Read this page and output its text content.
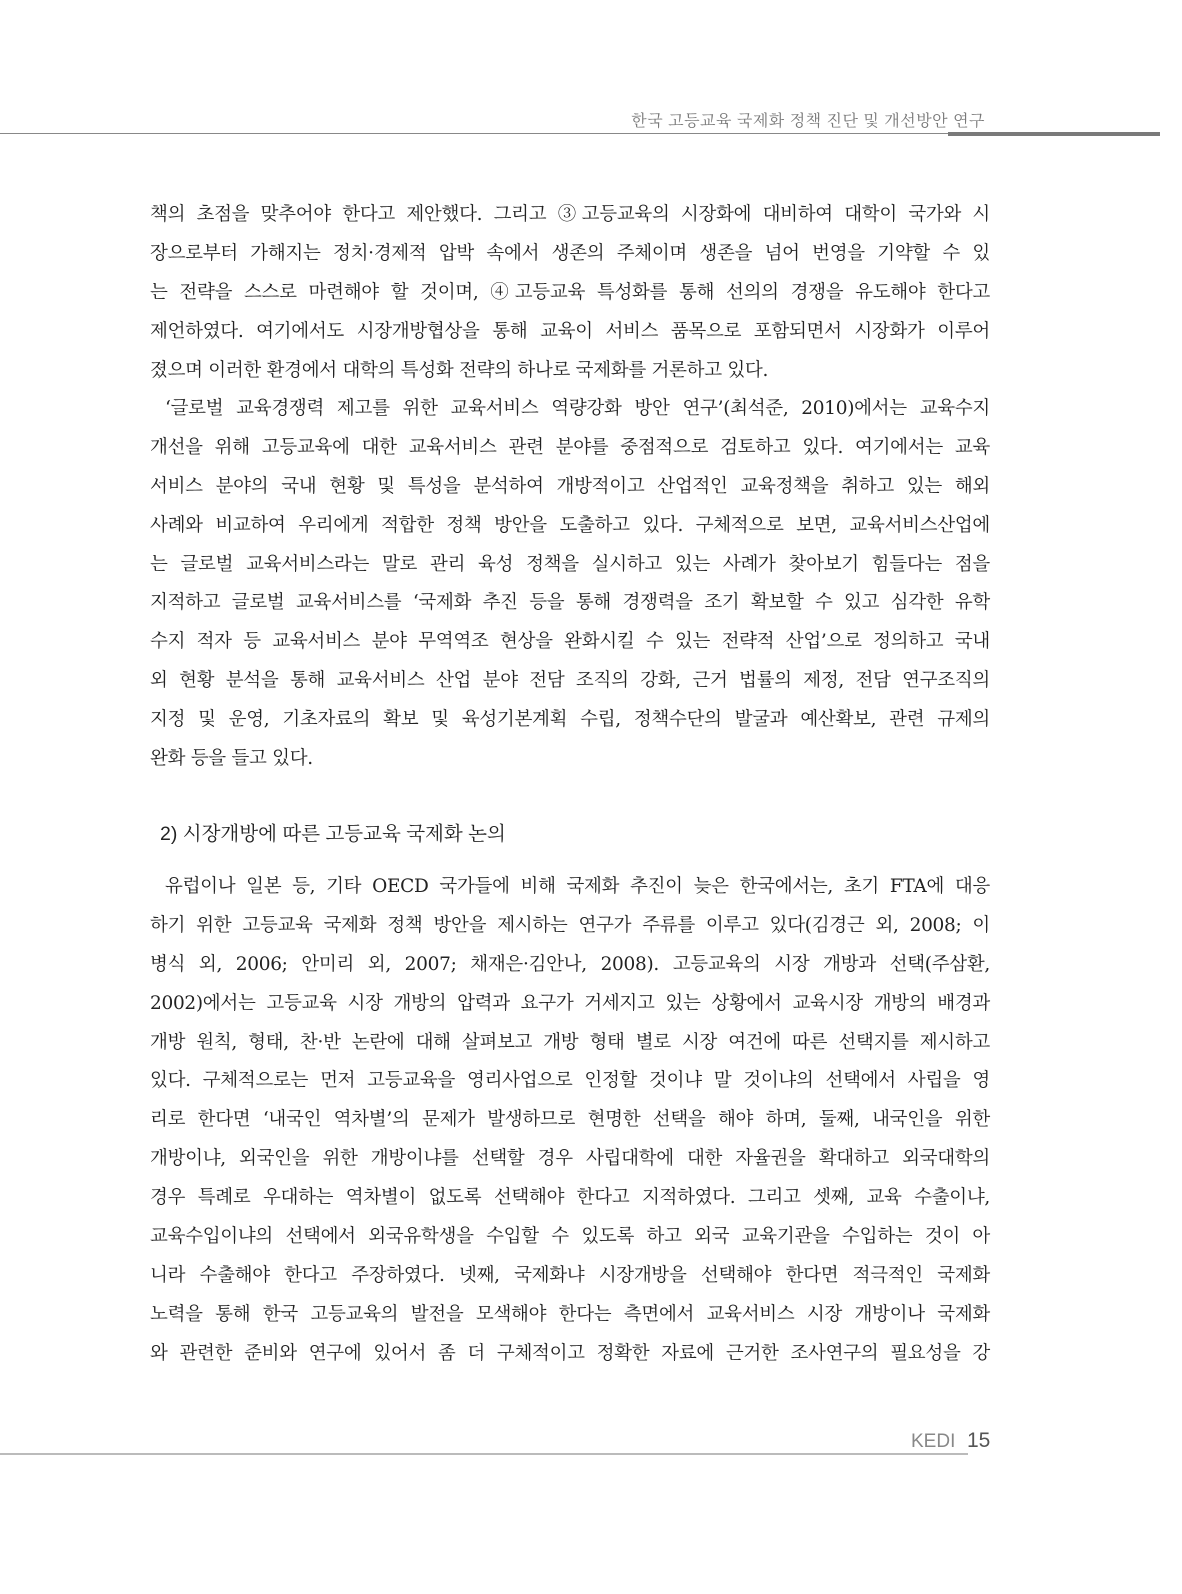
한국 고등교육 국제화 정책 진단 및 개선방안 연구
책의 초점을 맞추어야 한다고 제안했다. 그리고 ③고등교육의 시장화에 대비하여 대학이 국가와 시
장으로부터 가해지는 정치·경제적 압박 속에서 생존의 주체이며 생존을 넘어 번영을 기약할 수 있
는 전략을 스스로 마련해야 할 것이며, ④고등교육 특성화를 통해 선의의 경쟁을 유도해야 한다고
제언하였다. 여기에서도 시장개방협상을 통해 교육이 서비스 품목으로 포함되면서 시장화가 이루어
졌으며 이러한 환경에서 대학의 특성화 전략의 하나로 국제화를 거론하고 있다.
‘글로벌 교육경쟁력 제고를 위한 교육서비스 역량강화 방안 연구’(최석준, 2010)에서는 교육수지
개선을 위해 고등교육에 대한 교육서비스 관련 분야를 중점적으로 검토하고 있다. 여기에서는 교육
서비스 분야의 국내 현황 및 특성을 분석하여 개방적이고 산업적인 교육정책을 취하고 있는 해외
사례와 비교하여 우리에게 적합한 정책 방안을 도출하고 있다. 구체적으로 보면, 교육서비스산업에
는 글로벌 교육서비스라는 말로 관리 육성 정책을 실시하고 있는 사례가 찾아보기 힘들다는 점을
지적하고 글로벌 교육서비스를 ‘국제화 추진 등을 통해 경쟁력을 조기 확보할 수 있고 심각한 유학
수지 적자 등 교육서비스 분야 무역역조 현상을 완화시킬 수 있는 전략적 산업’으로 정의하고 국내
외 현황 분석을 통해 교육서비스 산업 분야 전담 조직의 강화, 근거 법률의 제정, 전담 연구조직의
지정 및 운영, 기초자료의 확보 및 육성기본계획 수립, 정책수단의 발굴과 예산확보, 관련 규제의
완화 등을 들고 있다.
2) 시장개방에 따른 고등교육 국제화 논의
유럽이나 일본 등, 기타 OECD 국가들에 비해 국제화 추진이 늦은 한국에서는, 초기 FTA에 대응
하기 위한 고등교육 국제화 정책 방안을 제시하는 연구가 주류를 이루고 있다(김경근 외, 2008; 이
병식 외, 2006; 안미리 외, 2007; 채재은·김안나, 2008). 고등교육의 시장 개방과 선택(주삼환,
2002)에서는 고등교육 시장 개방의 압력과 요구가 거세지고 있는 상황에서 교육시장 개방의 배경과
개방 원칙, 형태, 찬·반 논란에 대해 살펴보고 개방 형태 별로 시장 여건에 따른 선택지를 제시하고
있다. 구체적으로는 먼저 고등교육을 영리사업으로 인정할 것이냐 말 것이냐의 선택에서 사립을 영
리로 한다면 ‘내국인 역차별’의 문제가 발생하므로 현명한 선택을 해야 하며, 둘째, 내국인을 위한
개방이냐, 외국인을 위한 개방이냐를 선택할 경우 사립대학에 대한 자율권을 확대하고 외국대학의
경우 특례로 우대하는 역차별이 없도록 선택해야 한다고 지적하였다. 그리고 셋째, 교육 수출이냐,
교육수입이냐의 선택에서 외국유학생을 수입할 수 있도록 하고 외국 교육기관을 수입하는 것이 아
니라 수출해야 한다고 주장하였다. 넷째, 국제화냐 시장개방을 선택해야 한다면 적극적인 국제화
노력을 통해 한국 고등교육의 발전을 모색해야 한다는 측면에서 교육서비스 시장 개방이나 국제화
와 관련한 준비와 연구에 있어서 좀 더 구체적이고 정확한 자료에 근거한 조사연구의 필요성을 강
KEDI 15
